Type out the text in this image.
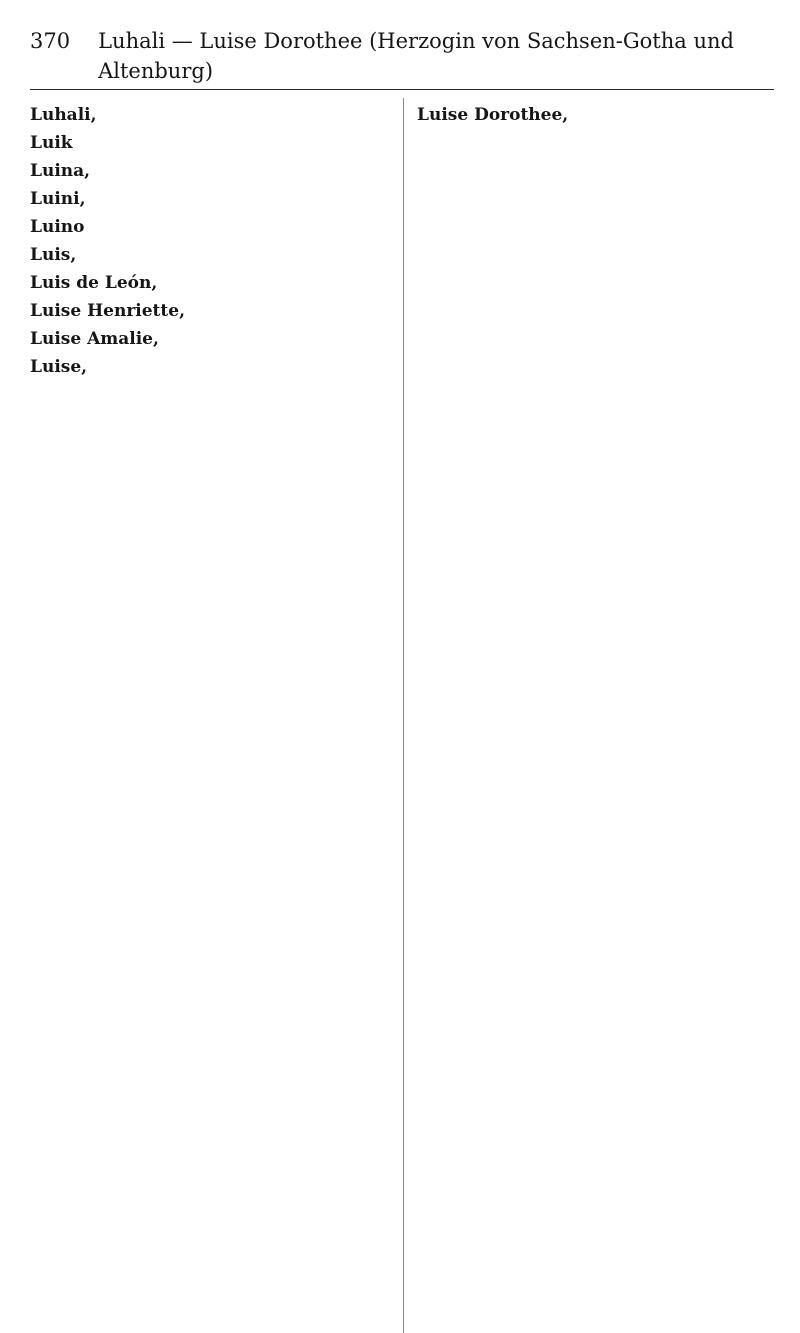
370 Luhali — Luise Dorothee (Herzogin von Sachsen-Gotha und Altenburg)
Luhali,
Luik
Luina,
Luini,
Luino
Luis,
Luis de León,
Luise Henriette,
Luise Amalie,
Luise,
Luise Dorothee,
